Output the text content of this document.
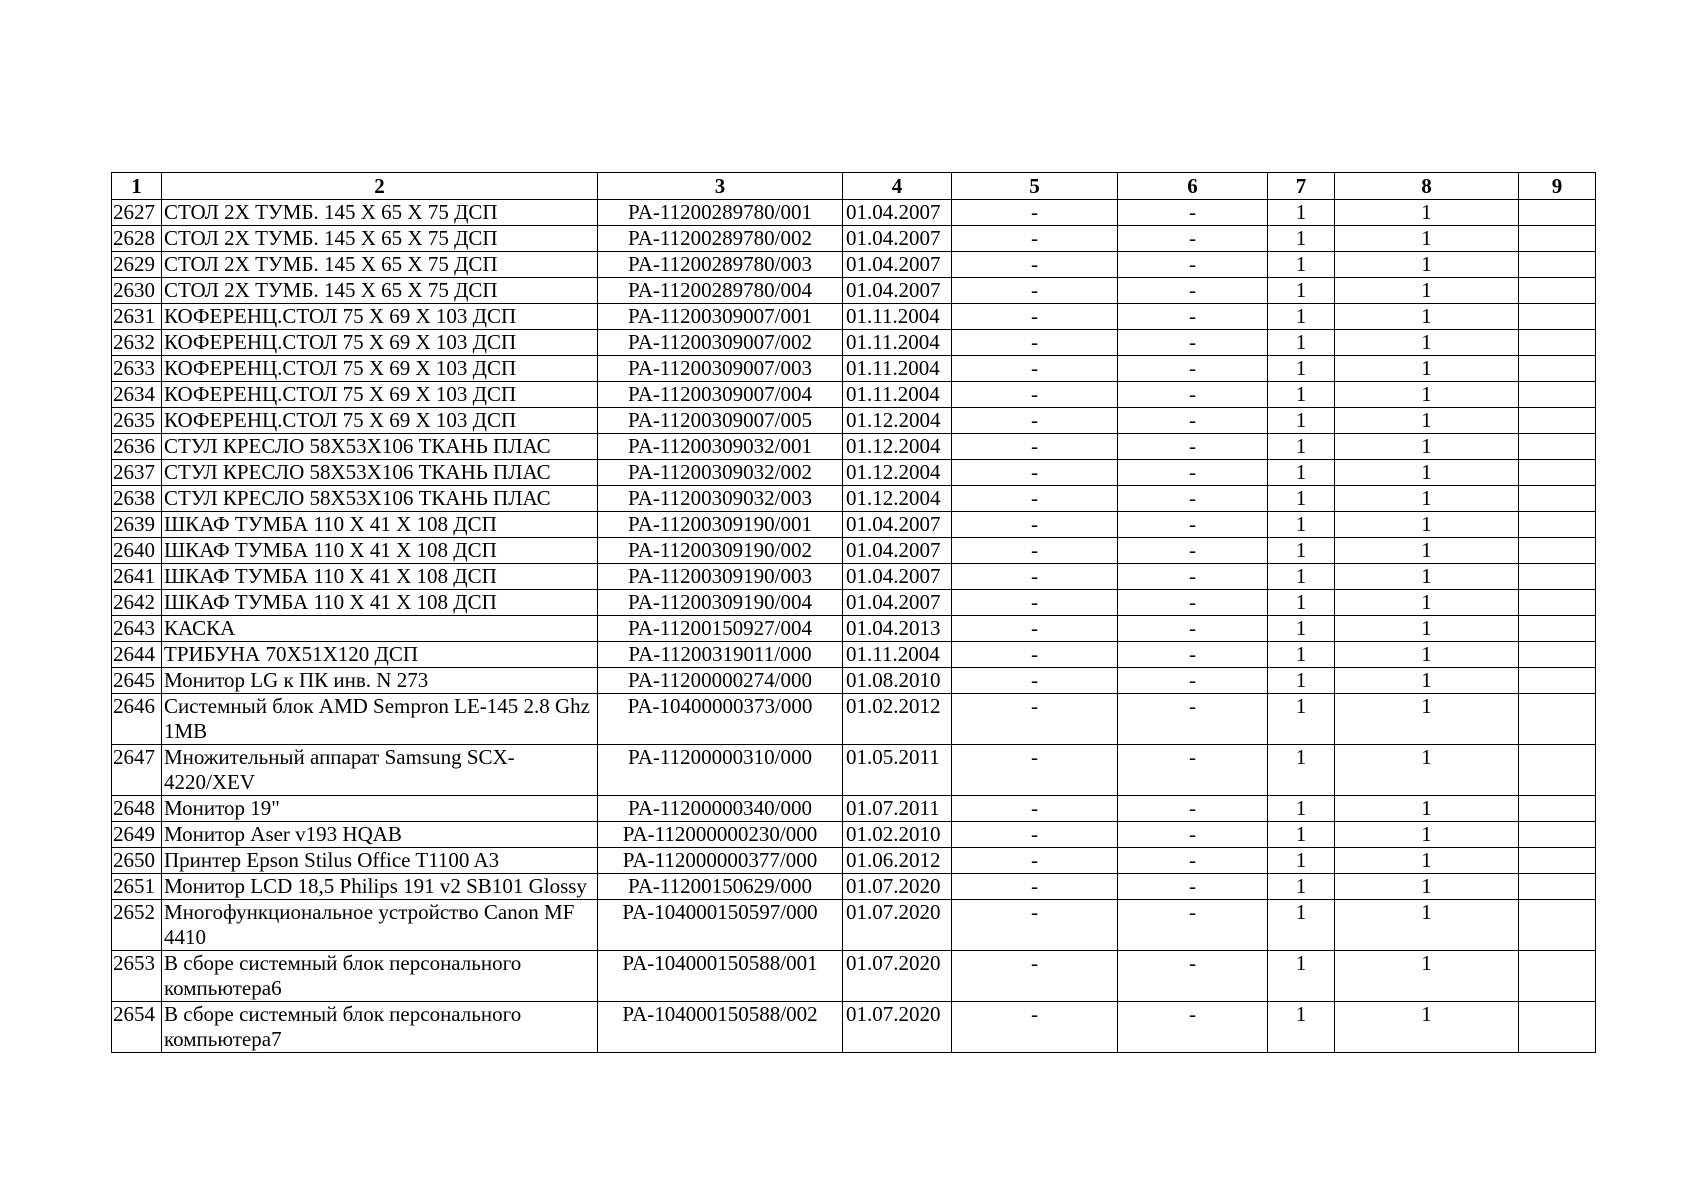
1	2	3	4	5	6	7	8	9
2627	СТОЛ 2Х ТУМБ. 145 Х 65 Х 75 ДСП	PA-11200289780/001	01.04.2007	-	-	1	1	
2628	СТОЛ 2Х ТУМБ. 145 Х 65 Х 75 ДСП	PA-11200289780/002	01.04.2007	-	-	1	1	
2629	СТОЛ 2Х ТУМБ. 145 Х 65 Х 75 ДСП	PA-11200289780/003	01.04.2007	-	-	1	1	
2630	СТОЛ 2Х ТУМБ. 145 Х 65 Х 75 ДСП	PA-11200289780/004	01.04.2007	-	-	1	1	
2631	КОФЕРЕНЦ.СТОЛ 75 Х 69 Х 103 ДСП	PA-11200309007/001	01.11.2004	-	-	1	1	
2632	КОФЕРЕНЦ.СТОЛ 75 Х 69 Х 103 ДСП	PA-11200309007/002	01.11.2004	-	-	1	1	
2633	КОФЕРЕНЦ.СТОЛ 75 Х 69 Х 103 ДСП	PA-11200309007/003	01.11.2004	-	-	1	1	
2634	КОФЕРЕНЦ.СТОЛ 75 Х 69 Х 103 ДСП	PA-11200309007/004	01.11.2004	-	-	1	1	
2635	КОФЕРЕНЦ.СТОЛ 75 Х 69 Х 103 ДСП	PA-11200309007/005	01.12.2004	-	-	1	1	
2636	СТУЛ КРЕСЛО 58Х53Х106 ТКАНЬ ПЛАС	PA-11200309032/001	01.12.2004	-	-	1	1	
2637	СТУЛ КРЕСЛО 58Х53Х106 ТКАНЬ ПЛАС	PA-11200309032/002	01.12.2004	-	-	1	1	
2638	СТУЛ КРЕСЛО 58Х53Х106 ТКАНЬ ПЛАС	PA-11200309032/003	01.12.2004	-	-	1	1	
2639	ШКАФ ТУМБА 110 Х 41 Х 108 ДСП	PA-11200309190/001	01.04.2007	-	-	1	1	
2640	ШКАФ ТУМБА 110 Х 41 Х 108 ДСП	PA-11200309190/002	01.04.2007	-	-	1	1	
2641	ШКАФ ТУМБА 110 Х 41 Х 108 ДСП	PA-11200309190/003	01.04.2007	-	-	1	1	
2642	ШКАФ ТУМБА 110 Х 41 Х 108 ДСП	PA-11200309190/004	01.04.2007	-	-	1	1	
2643	КАСКА	PA-11200150927/004	01.04.2013	-	-	1	1	
2644	ТРИБУНА 70Х51Х120 ДСП	PA-11200319011/000	01.11.2004	-	-	1	1	
2645	Монитор LG к ПК инв. N 273	PA-11200000274/000	01.08.2010	-	-	1	1	
2646	Системный блок AMD Sempron LE-145 2.8 Ghz 1MB	PA-10400000373/000	01.02.2012	-	-	1	1	
2647	Множительный аппарат Samsung SCX-4220/XEV	PA-11200000310/000	01.05.2011	-	-	1	1	
2648	Монитор 19"	PA-11200000340/000	01.07.2011	-	-	1	1	
2649	Монитор Aser v193 HQAB	PA-112000000230/000	01.02.2010	-	-	1	1	
2650	Принтер Epson Stilus Office T1100 A3	PA-112000000377/000	01.06.2012	-	-	1	1	
2651	Монитор LCD 18,5 Philips 191 v2 SB101 Glossy	PA-11200150629/000	01.07.2020	-	-	1	1	
2652	Многофункциональное устройство Canon MF 4410	PA-104000150597/000	01.07.2020	-	-	1	1	
2653	В сборе системный блок персонального компьютера6	PA-104000150588/001	01.07.2020	-	-	1	1	
2654	В сборе системный блок персонального компьютера7	PA-104000150588/002	01.07.2020	-	-	1	1	
